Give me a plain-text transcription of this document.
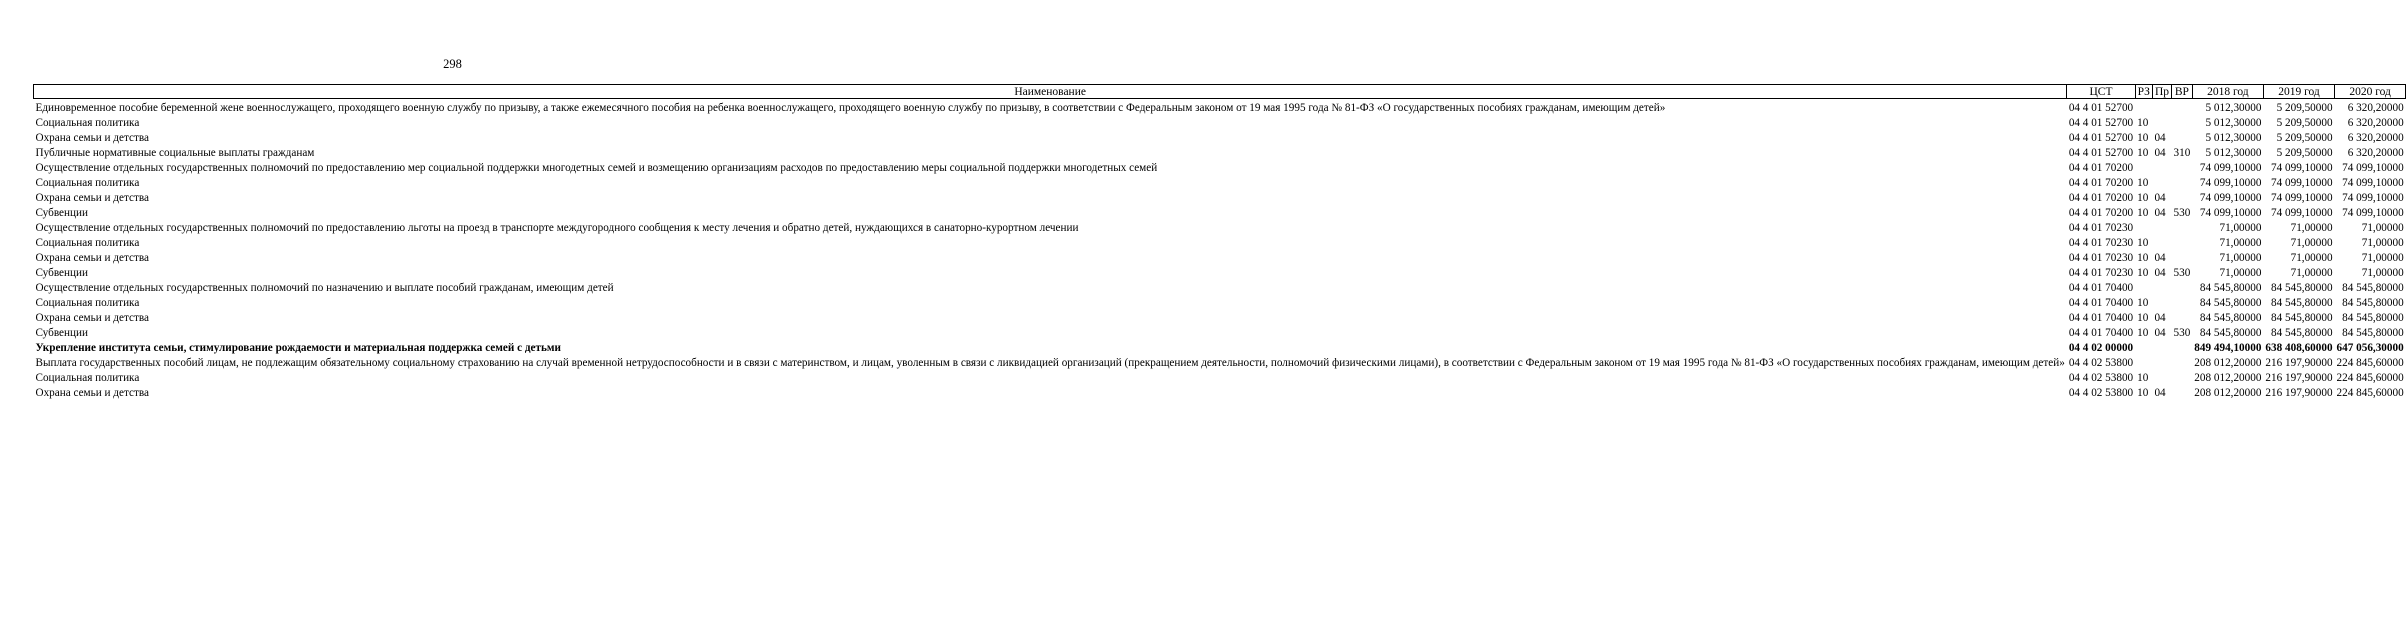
298
Наименование	ЦСТ	РЗ	Пр	ВР	2018 год	2019 год	2020 год
Единовременное пособие беременной жене военнослужащего, проходящего военную службу по призыву, а также ежемесячного пособия на ребенка военнослужащего, проходящего военную службу по призыву, в соответствии с Федеральным законом от 19 мая 1995 года № 81-ФЗ «О государственных пособиях гражданам, имеющим детей»	04 4 01 52700				5 012,30000	5 209,50000	6 320,20000
Социальная политика	04 4 01 52700	10			5 012,30000	5 209,50000	6 320,20000
Охрана семьи и детства	04 4 01 52700	10	04		5 012,30000	5 209,50000	6 320,20000
Публичные нормативные социальные выплаты гражданам	04 4 01 52700	10	04	310	5 012,30000	5 209,50000	6 320,20000
Осуществление отдельных государственных полномочий по предоставлению мер социальной поддержки многодетных семей и возмещению организациям расходов по предоставлению меры социальной поддержки многодетных семей	04 4 01 70200				74 099,10000	74 099,10000	74 099,10000
Социальная политика	04 4 01 70200	10			74 099,10000	74 099,10000	74 099,10000
Охрана семьи и детства	04 4 01 70200	10	04		74 099,10000	74 099,10000	74 099,10000
Субвенции	04 4 01 70200	10	04	530	74 099,10000	74 099,10000	74 099,10000
Осуществление отдельных государственных полномочий по предоставлению льготы на проезд в транспорте междугородного сообщения к месту лечения и обратно детей, нуждающихся в санаторно-курортном лечении	04 4 01 70230				71,00000	71,00000	71,00000
Социальная политика	04 4 01 70230	10			71,00000	71,00000	71,00000
Охрана семьи и детства	04 4 01 70230	10	04		71,00000	71,00000	71,00000
Субвенции	04 4 01 70230	10	04	530	71,00000	71,00000	71,00000
Осуществление отдельных государственных полномочий по назначению и выплате пособий гражданам, имеющим детей	04 4 01 70400				84 545,80000	84 545,80000	84 545,80000
Социальная политика	04 4 01 70400	10			84 545,80000	84 545,80000	84 545,80000
Охрана семьи и детства	04 4 01 70400	10	04		84 545,80000	84 545,80000	84 545,80000
Субвенции	04 4 01 70400	10	04	530	84 545,80000	84 545,80000	84 545,80000
Укрепление института семьи, стимулирование рождаемости и материальная поддержка семей с детьми	04 4 02 00000				849 494,10000	638 408,60000	647 056,30000
Выплата государственных пособий лицам, не подлежащим обязательному социальному страхованию на случай временной нетрудоспособности и в связи с материнством, и лицам, уволенным в связи с ликвидацией организаций (прекращением деятельности, полномочий физическими лицами), в соответствии с Федеральным законом от 19 мая 1995 года № 81-ФЗ «О государственных пособиях гражданам, имеющим детей»	04 4 02 53800				208 012,20000	216 197,90000	224 845,60000
Социальная политика	04 4 02 53800	10			208 012,20000	216 197,90000	224 845,60000
Охрана семьи и детства	04 4 02 53800	10	04		208 012,20000	216 197,90000	224 845,60000
